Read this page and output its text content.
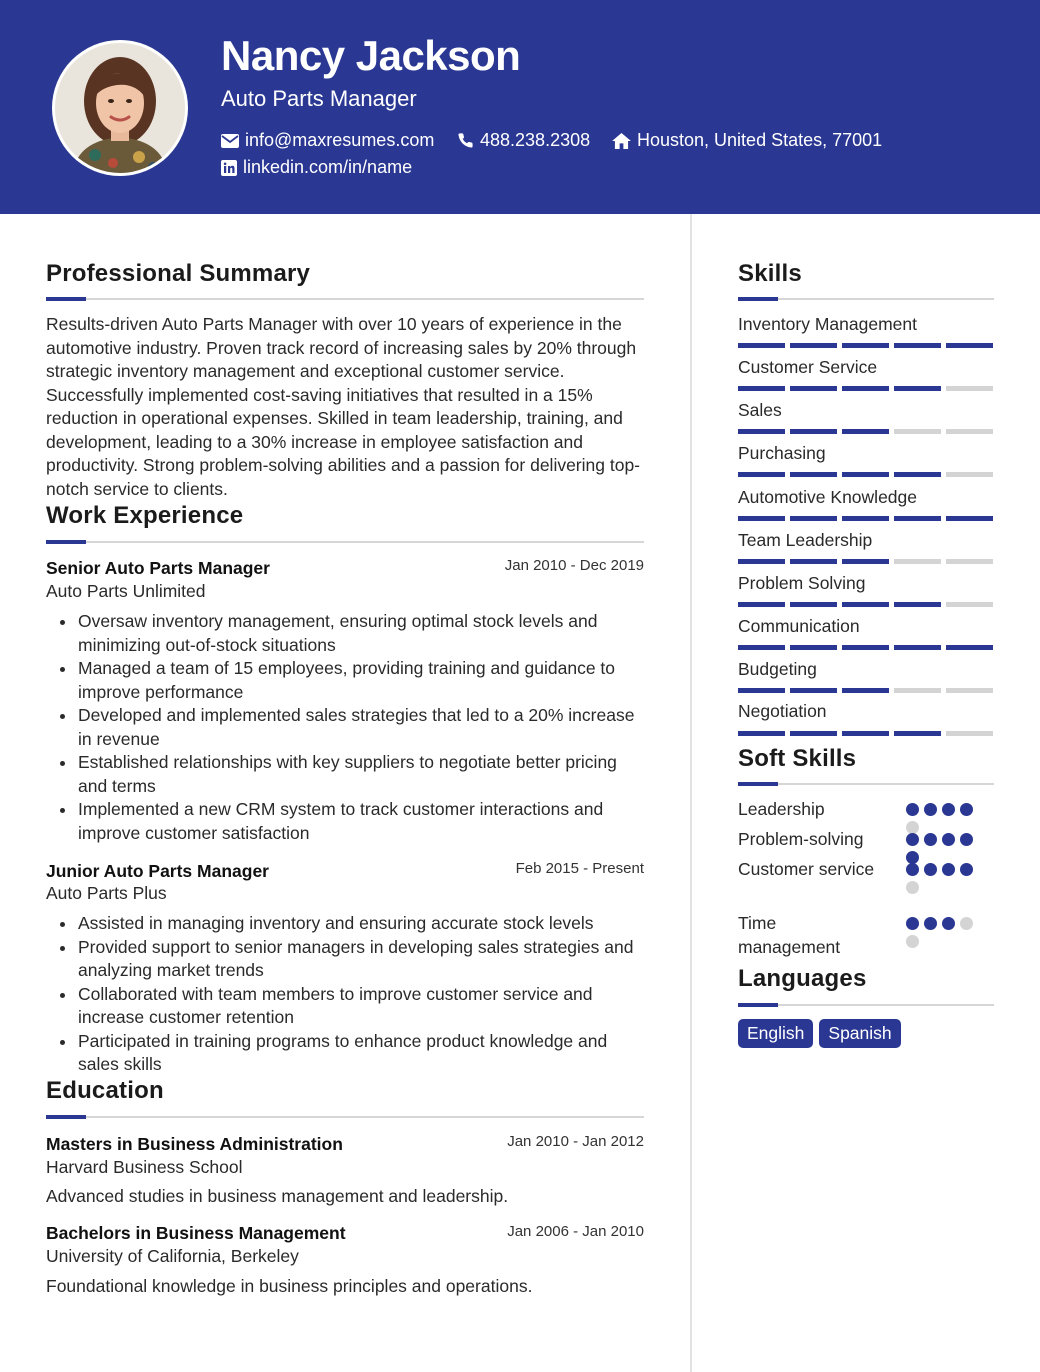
Nancy Jackson
Auto Parts Manager
info@maxresumes.com	488.238.2308	Houston, United States, 77001
linkedin.com/in/name
Professional Summary
Results-driven Auto Parts Manager with over 10 years of experience in the automotive industry. Proven track record of increasing sales by 20% through strategic inventory management and exceptional customer service. Successfully implemented cost-saving initiatives that resulted in a 15% reduction in operational expenses. Skilled in team leadership, training, and development, leading to a 30% increase in employee satisfaction and productivity. Strong problem-solving abilities and a passion for delivering top-notch service to clients.
Work Experience
Senior Auto Parts Manager	Jan 2010 - Dec 2019
Auto Parts Unlimited
Oversaw inventory management, ensuring optimal stock levels and minimizing out-of-stock situations
Managed a team of 15 employees, providing training and guidance to improve performance
Developed and implemented sales strategies that led to a 20% increase in revenue
Established relationships with key suppliers to negotiate better pricing and terms
Implemented a new CRM system to track customer interactions and improve customer satisfaction
Junior Auto Parts Manager	Feb 2015 - Present
Auto Parts Plus
Assisted in managing inventory and ensuring accurate stock levels
Provided support to senior managers in developing sales strategies and analyzing market trends
Collaborated with team members to improve customer service and increase customer retention
Participated in training programs to enhance product knowledge and sales skills
Education
Masters in Business Administration	Jan 2010 - Jan 2012
Harvard Business School
Advanced studies in business management and leadership.
Bachelors in Business Management	Jan 2006 - Jan 2010
University of California, Berkeley
Foundational knowledge in business principles and operations.
Skills
Inventory Management
Customer Service
Sales
Purchasing
Automotive Knowledge
Team Leadership
Problem Solving
Communication
Budgeting
Negotiation
Soft Skills
Leadership
Problem-solving
Customer service
Time management
Languages
English	Spanish
